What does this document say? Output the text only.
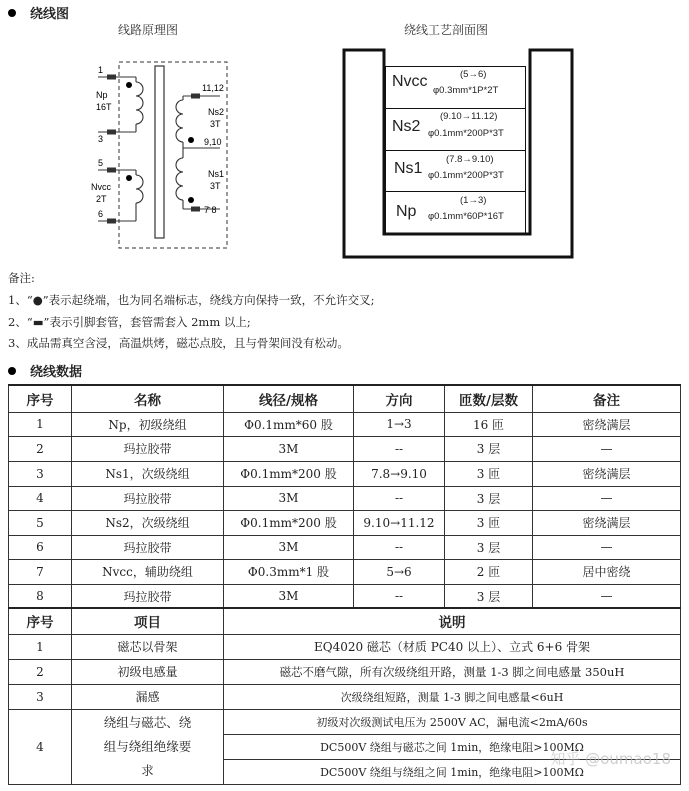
绕线图
线路原理图	绕线工艺剖面图
1
Np
16T
3
5
Nvcc
2T
6
11,12
Ns2
3T
9,10
Ns1
3T
7̄ 8
Nvcc	(5→6)
φ0.3mm*1P*2T
Ns2
(9.10→11.12)
φ0.1mm*200P*3T
Ns1
(7.8→9.10)
φ0.1mm*200P*3T
Np
(1→3)
φ0.1mm*60P*16T
备注:
1、“●”表示起绕端，也为同名端标志，绕线方向保持一致，不允许交叉;
2、“▬”表示引脚套管，套管需套入 2mm 以上;
3、成品需真空含浸，高温烘烤，磁芯点胶，且与骨架间没有松动。
绕线数据
序号	名称	线径/规格	方向	匝数/层数	备注
1	Np，初级绕组	Φ0.1mm*60 股	1→3	16 匝	密绕满层
2	玛拉胶带	3M	--	3 层	—
3	Ns1，次级绕组	Φ0.1mm*200 股	7.8→9.10	3 匝	密绕满层
4	玛拉胶带	3M	--	3 层	—
5	Ns2，次级绕组	Φ0.1mm*200 股	9.10→11.12	3 匝	密绕满层
6	玛拉胶带	3M	--	3 层	—
7	Nvcc，辅助绕组	Φ0.3mm*1 股	5→6	2 匝	居中密绕
8	玛拉胶带	3M	--	3 层	—
序号	项目	说明
1	磁芯以骨架	EQ4020 磁芯（材质 PC40 以上）、立式 6+6 骨架
2	初级电感量	磁芯不磨气隙，所有次级绕组开路，测量 1-3 脚之间电感量 350uH
3	漏感	次级绕组短路，测量 1-3 脚之间电感量<6uH
4	绕组与磁芯、绕
组与绕组绝缘要
求	初级对次级测试电压为 2500V AC，漏电流<2mA/60s
		DC500V 绕组与磁芯之间 1min，绝缘电阻>100MΩ
		DC500V 绕组与绕组之间 1min，绝缘电阻>100MΩ
知乎 @oumao18
